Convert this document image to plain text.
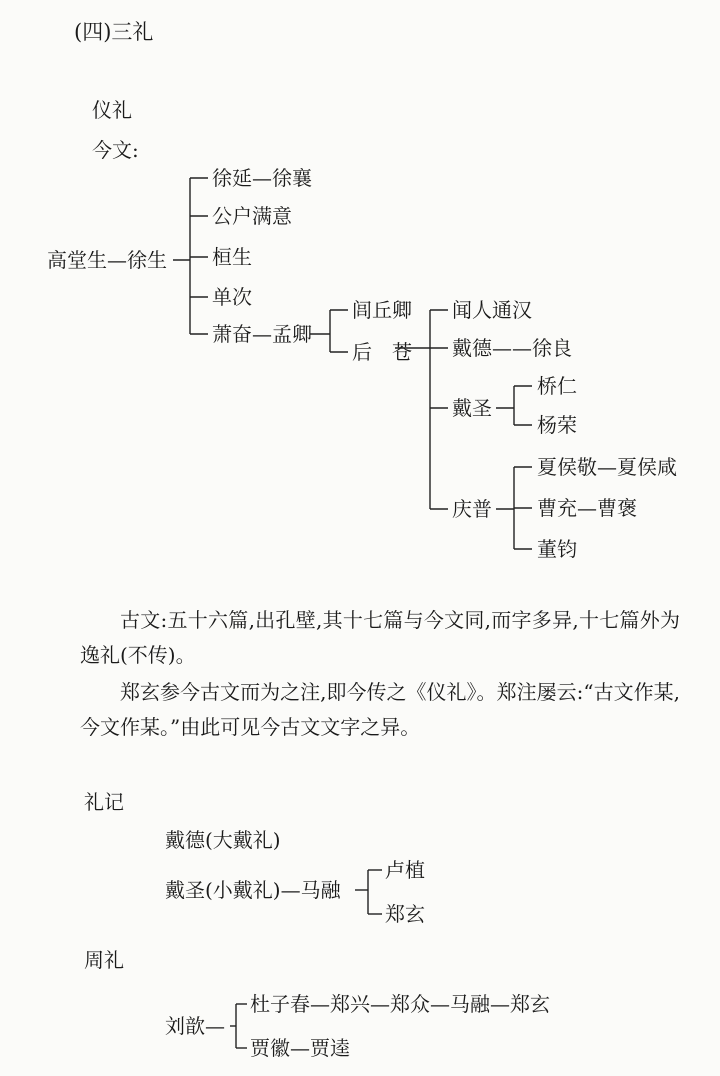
(四)三礼
仪礼
今文:
高堂生—徐生
徐延—徐襄
公户满意
桓生
单次
萧奋—孟卿
闾丘卿
后　苍
闻人通汉
戴德——徐良
戴圣
庆普
桥仁
杨荣
夏侯敬—夏侯咸
曹充—曹褒
董钧
古文:五十六篇,出孔壁,其十七篇与今文同,而字多异,十七篇外为逸礼(不传)。
郑玄参今古文而为之注,即今传之《仪礼》。郑注屡云:“古文作某,今文作某。”由此可见今古文文字之异。
礼记
戴德(大戴礼)
戴圣(小戴礼)—马融
卢植
郑玄
周礼
刘歆—
杜子春—郑兴—郑众—马融—郑玄
贾徽—贾逵
